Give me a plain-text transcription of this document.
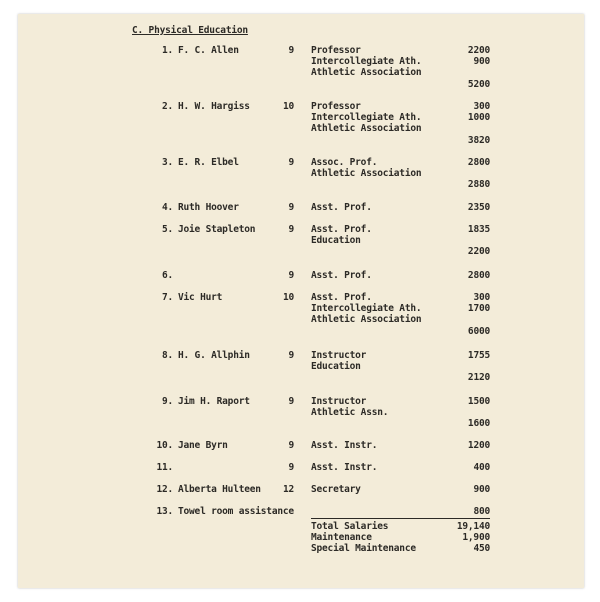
C. Physical Education
1. F. C. Allen	9 Professor	2200
Intercollegiate Ath.	900
Athletic Association
5200
2. H. W. Hargiss	10 Professor	300
Intercollegiate Ath.	1000
Athletic Association
3820
3. E. R. Elbel	9 Assoc. Prof.	2800
Athletic Association
2880
4. Ruth Hoover	9 Asst. Prof.	2350
5. Joie Stapleton	9 Asst. Prof.	1835
Education
2200
6.	9 Asst. Prof.	2800
7. Vic Hurt	10 Asst. Prof.	300
Intercollegiate Ath.	1700
Athletic Association
6000
8. H. G. Allphin	9 Instructor	1755
Education
2120
9. Jim H. Raport	9 Instructor	1500
Athletic Assn.
1600
10. Jane Byrn	9 Asst. Instr.	1200
11.	9 Asst. Instr.	400
12. Alberta Hulteen	12 Secretary	900
13. Towel room assistance	800
Total Salaries	19,140
Maintenance	1,900
Special Maintenance	450
